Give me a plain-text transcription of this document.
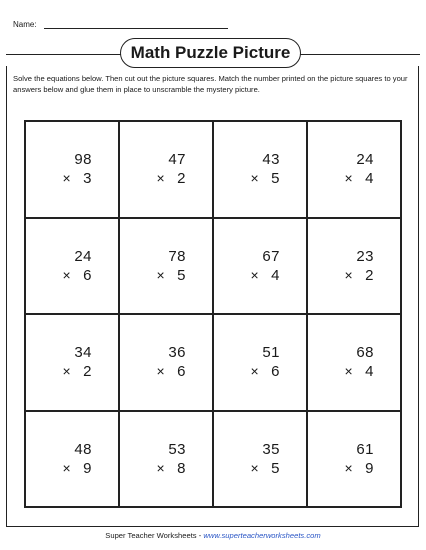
Name:
Math Puzzle Picture
Solve the equations below. Then cut out the picture squares. Match the number printed on the picture squares to your answers below and glue them in place to unscramble the mystery picture.
98
× 3
47
× 2
43
× 5
24
× 4
24
× 6
78
× 5
67
× 4
23
× 2
34
× 2
36
× 6
51
× 6
68
× 4
48
× 9
53
× 8
35
× 5
61
× 9
Super Teacher Worksheets - www.superteacherworksheets.com
